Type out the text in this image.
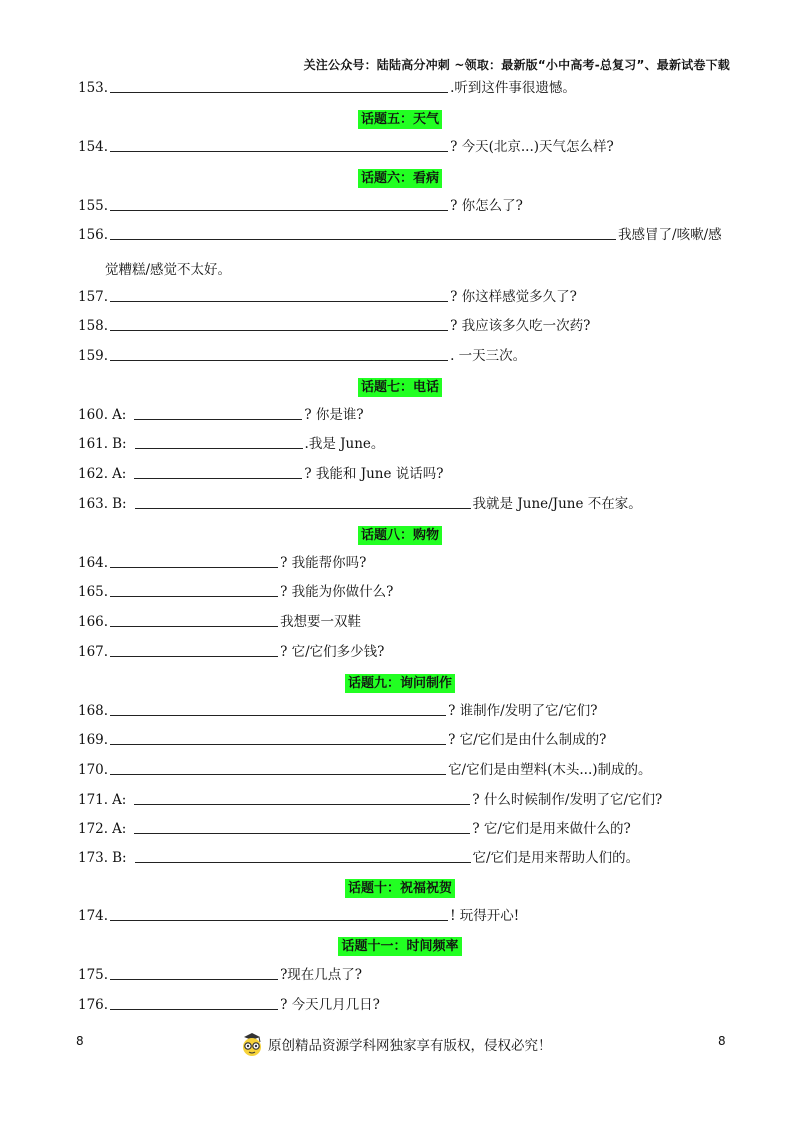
关注公众号：陆陆高分冲刺 ~领取：最新版“小中高考-总复习”、最新试卷下载
153.	.听到这件事很遗憾。
话题五：天气
154.	? 今天(北京...)天气怎么样?
话题六：看病
155.	? 你怎么了?
156.	我感冒了/咳嗽/感
觉糟糕/感觉不太好。
157.	? 你这样感觉多久了?
158.	? 我应该多久吃一次药?
159.	. 一天三次。
话题七：电话
160. A:	? 你是谁?
161. B:	.我是 June。
162. A:	? 我能和 June 说话吗?
163. B:	我就是 June/June 不在家。
话题八：购物
164.	? 我能帮你吗?
165.	? 我能为你做什么?
166.	我想要一双鞋
167.	? 它/它们多少钱?
话题九：询问制作
168.	? 谁制作/发明了它/它们?
169.	? 它/它们是由什么制成的?
170.	它/它们是由塑料(木头...)制成的。
171. A:	? 什么时候制作/发明了它/它们?
172. A:	? 它/它们是用来做什么的?
173. B:	它/它们是用来帮助人们的。
话题十：祝福祝贺
174.	! 玩得开心!
话题十一：时间频率
175.	?现在几点了?
176.	? 今天几月几日?
8	8
原创精品资源学科网独家享有版权，侵权必究！
